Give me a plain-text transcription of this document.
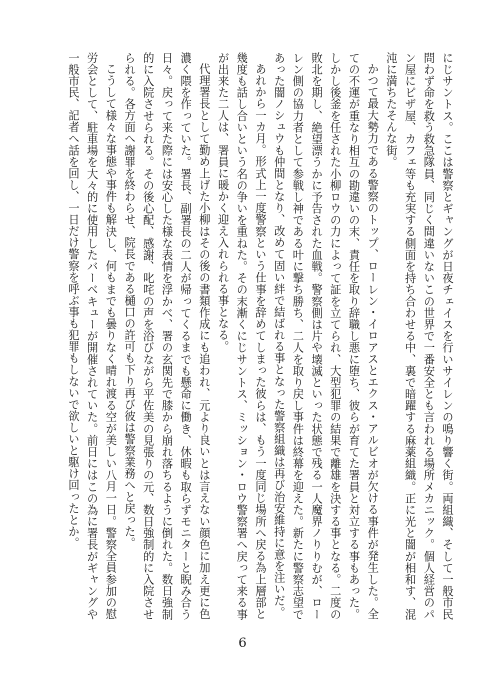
にじサントス。ここは警察とギャングが日夜チェイスを行いサイレンの鳴り響く街。両組織、そして一般市民問わず命を救う救急隊員、同じく間違いないこの世界で一番安全とも言われる場所メカニック。個人経営のパン屋にピザ屋、カフェ等も充実する側面を持ち合わせる中、裏で暗躍する麻薬組織。正に光と闇が相和す、混沌に満ちたそんな街。

かつて最大勢力である警察のトップ、ローレン・イロアスとエクス・アルビオが欠ける事件が発生した。全ての不運が重なり相互の勘違いの末、責任を取り辞職し悪に堕ち、彼らが育てた署員と対立する事もあった。しかし後釜を任された小柳ロウの力によって証を立てられ、大型犯罪の結果で離雄を決する事となる。二度の敗北を期し、絶望漂うかに予告された血戦。警察側は片や壊滅といった状態で残る一人魔界ノりりむが、ローレン側の協力者として参戦し神である叶に撃ち勝ち、二人を取り戻し事件は終幕を迎えた。新たに警察志望であった闇ノシュウも仲間となり、改めて固い絆で結ばれる事となった警察組織は再び治安維持に意を注いだ。

あれから一カ月。形式上一度警察という仕事を辞めてしまった彼らは、もう一度同じ場所へ戻る為上層部と幾度も話し合いという名の争いを重ねた。その末漸くにじサントス、ミッション・ロウ警察署へ戻って来る事が出来た二人は、署員に暖かく迎え入れられる事となる。

代理署長として勤め上げた小柳はその後の書類作成にも追われ、元より良いとは言えない顔色に加え更に色濃く隈を作っていた。署長、副署長の二人が帰ってくるまでも懸命に働き、休暇も取らずモニターと睨み合う日々。戻って来た際には安心した様な表情を浮かべ、署の玄関先で膝から崩れ落ちるように倒れた。数日強制的に入院させられる。その後心配、感謝、叱咤の声を浴びながら平佐美の見張りの元、数日強制的に入院させられる。各方面へ謝罪を終わらせ、院長である樋口の許可も下り再び彼は警察業務へと戻った。

こうして様々な事態や事件も解決し、何もまでも曇りなく晴れ渡る空が美しい八月一日。警察全員参加の慰労会として、駐車場を大々的に使用したバーベキューが開催されていた。前日にはこの為に署長がギャングや一般市民、記者へ話を回し、一日だけ警察を呼ぶ事も犯罪もしないで欲しいと駆け回ったとか。

6
